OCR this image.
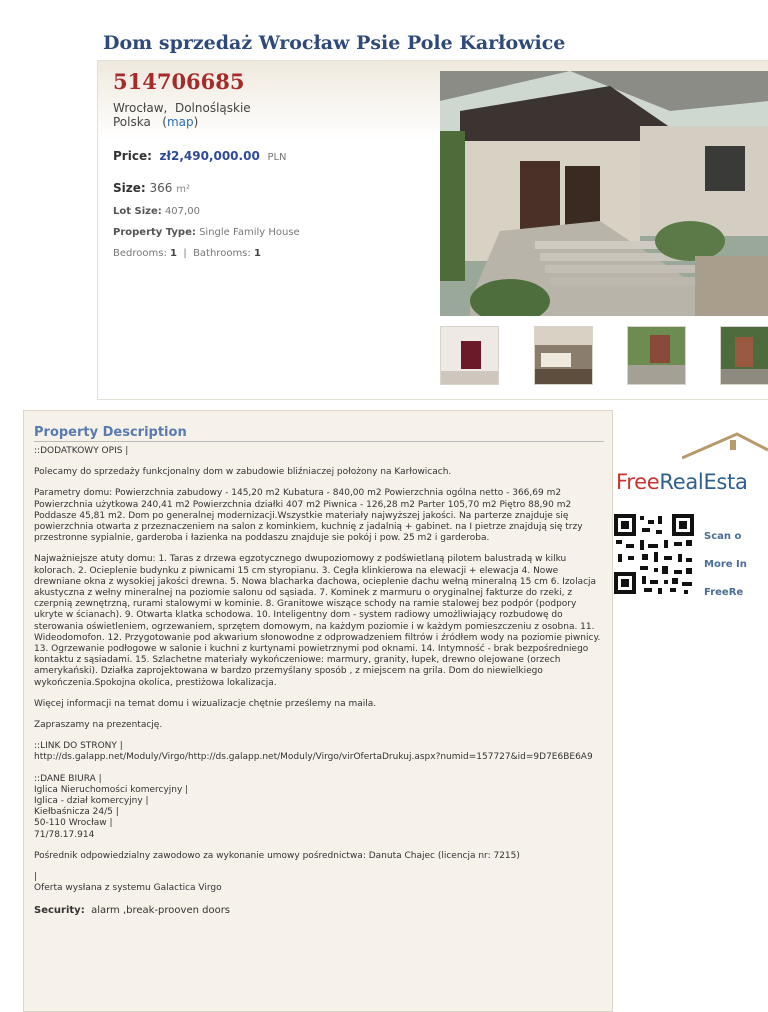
Dom sprzedaż Wrocław Psie Pole Karłowice
514706685
Wrocław,  Dolnośląskie
Polska   (map)
Price: zł2,490,000.00 PLN
Size: 366 m²
Lot Size: 407,00
Property Type: Single Family House
Bedrooms: 1 | Bathrooms: 1
Property Description

::DODATKOWY OPIS |

Polecamy do sprzedaży funkcjonalny dom w zabudowie bliźniaczej położony na Karłowicach.

Parametry domu: Powierzchnia zabudowy - 145,20 m2 Kubatura - 840,00 m2 Powierzchnia ogólna netto - 366,69 m2 Powierzchnia użytkowa 240,41 m2 Powierzchnia działki 407 m2 Piwnica - 126,28 m2 Parter 105,70 m2 Piętro 88,90 m2 Poddasze 45,81 m2. Dom po generalnej modernizacji.Wszystkie materiały najwyższej jakości. Na parterze znajduje się powierzchnia otwarta z przeznaczeniem na salon z kominkiem, kuchnię z jadalnią + gabinet. na I pietrze znajdują się trzy przestronne sypialnie, garderoba i łazienka na poddaszu znajduje sie pokój i pow. 25 m2 i garderoba.

Najważniejsze atuty domu: 1. Taras z drzewa egzotycznego dwupoziomowy z podświetlaną pilotem balustradą w kilku kolorach. 2. Ocieplenie budynku z piwnicami 15 cm styropianu. 3. Cegła klinkierowa na elewacji + elewacja 4. Nowe drewniane okna z wysokiej jakości drewna. 5. Nowa blacharka dachowa, ocieplenie dachu wełną mineralną 15 cm 6. Izolacja akustyczna z wełny mineralnej na poziomie salonu od sąsiada. 7. Kominek z marmuru o oryginalnej fakturze do rzeki, z czerpnią zewnętrzną, rurami stalowymi w kominie. 8. Granitowe wiszące schody na ramie stalowej bez podpór (podpory ukryte w ścianach). 9. Otwarta klatka schodowa. 10. Inteligentny dom - system radiowy umożliwiający rozbudowę do sterowania oświetleniem, ogrzewaniem, sprzętem domowym, na każdym poziomie i w każdym pomieszczeniu z osobna. 11. Wideodomofon. 12. Przygotowanie pod akwarium słonowodne z odprowadzeniem filtrów i źródłem wody na poziomie piwnicy. 13. Ogrzewanie podłogowe w salonie i kuchni z kurtynami powietrznymi pod oknami. 14. Intymność - brak bezpośredniego kontaktu z sąsiadami. 15. Szlachetne materiały wykończeniowe: marmury, granity, łupek, drewno olejowane (orzech amerykański). Działka zaprojektowana w bardzo przemyślany sposób , z miejscem na grila. Dom do niewielkiego wykończenia.Spokojna okolica, prestiżowa lokalizacja.

Więcej informacji na temat domu i wizualizacje chętnie prześlemy na maila.

Zapraszamy na prezentację.

::LINK DO STRONY |
http://ds.galapp.net/Moduly/Virgo/http://ds.galapp.net/Moduly/Virgo/virOfertaDrukuj.aspx?numid=157727&id=9D7E6BE6A9

::DANE BIURA |
Iglica Nieruchomości komercyjny |
Iglica - dział komercyjny |
Kiełbaśnicza 24/5 |
50-110 Wrocław |
71/78.17.914

Pośrednik odpowiedzialny zawodowo za wykonanie umowy pośrednictwa: Danuta Chajec (licencja nr: 7215)

|
Oferta wysłana z systemu Galactica Virgo

Security: alarm ,break-prooven doors

FreeRealEsta
Scan o
More In
FreeRe
